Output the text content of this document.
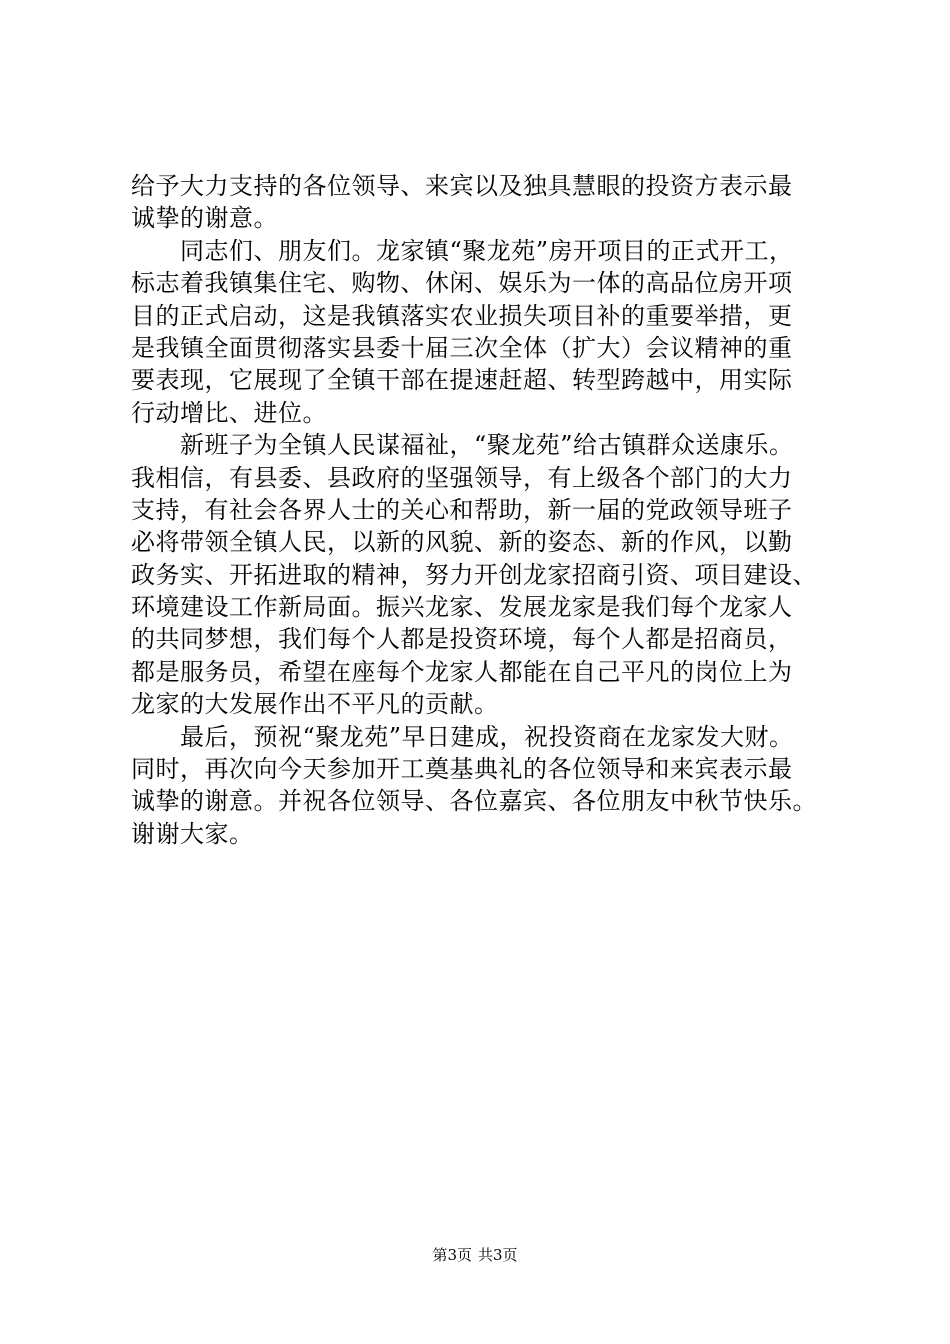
给予大力支持的各位领导、来宾以及独具慧眼的投资方表示最
诚挚的谢意。
　　同志们、朋友们。龙家镇“聚龙苑”房开项目的正式开工，
标志着我镇集住宅、购物、休闲、娱乐为一体的高品位房开项
目的正式启动，这是我镇落实农业损失项目补的重要举措，更
是我镇全面贯彻落实县委十届三次全体（扩大）会议精神的重
要表现，它展现了全镇干部在提速赶超、转型跨越中，用实际
行动增比、进位。
　　新班子为全镇人民谋福祉，“聚龙苑”给古镇群众送康乐。
我相信，有县委、县政府的坚强领导，有上级各个部门的大力
支持，有社会各界人士的关心和帮助，新一届的党政领导班子
必将带领全镇人民，以新的风貌、新的姿态、新的作风，以勤
政务实、开拓进取的精神，努力开创龙家招商引资、项目建设、
环境建设工作新局面。振兴龙家、发展龙家是我们每个龙家人
的共同梦想，我们每个人都是投资环境，每个人都是招商员，
都是服务员，希望在座每个龙家人都能在自己平凡的岗位上为
龙家的大发展作出不平凡的贡献。
　　最后，预祝“聚龙苑”早日建成，祝投资商在龙家发大财。
同时，再次向今天参加开工奠基典礼的各位领导和来宾表示最
诚挚的谢意。并祝各位领导、各位嘉宾、各位朋友中秋节快乐。
谢谢大家。
第3页 共3页
